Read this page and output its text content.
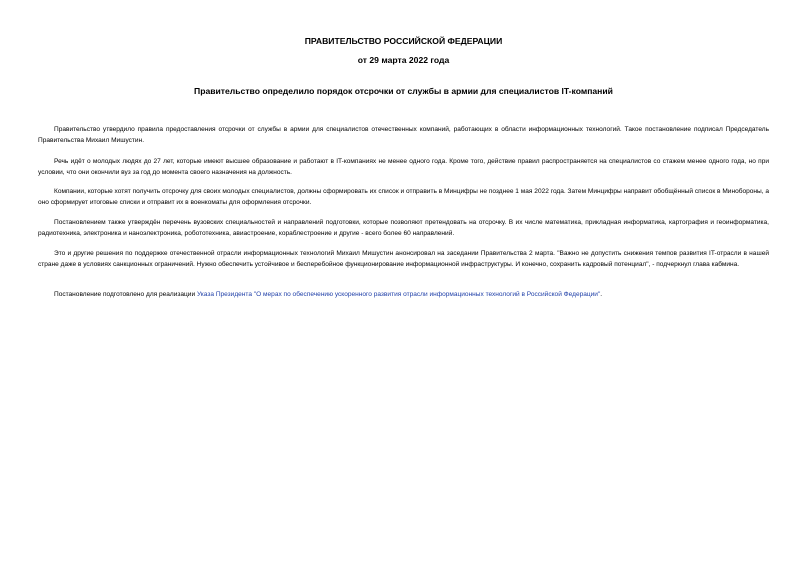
ПРАВИТЕЛЬСТВО РОССИЙСКОЙ ФЕДЕРАЦИИ
от 29 марта 2022 года
Правительство определило порядок отсрочки от службы в армии для специалистов IT-компаний

Правительство утвердило правила предоставления отсрочки от службы в армии для специалистов отечественных компаний, работающих в области информационных технологий. Такое постановление подписал Председатель Правительства Михаил Мишустин.

Речь идёт о молодых людях до 27 лет, которые имеют высшее образование и работают в IT-компаниях не менее одного года. Кроме того, действие правил распространяется на специалистов со стажем менее одного года, но при условии, что они окончили вуз за год до момента своего назначения на должность.

Компании, которые хотят получить отсрочку для своих молодых специалистов, должны сформировать их список и отправить в Минцифры не позднее 1 мая 2022 года. Затем Минцифры направит обобщённый список в Минобороны, а оно сформирует итоговые списки и отправит их в военкоматы для оформления отсрочки.

Постановлением также утверждён перечень вузовских специальностей и направлений подготовки, которые позволяют претендовать на отсрочку. В их числе математика, прикладная информатика, картография и геоинформатика, радиотехника, электроника и наноэлектроника, робототехника, авиастроение, кораблестроение и другие - всего более 60 направлений.

Это и другие решения по поддержке отечественной отрасли информационных технологий Михаил Мишустин анонсировал на заседании Правительства 2 марта. "Важно не допустить снижения темпов развития IT-отрасли в нашей стране даже в условиях санкционных ограничений. Нужно обеспечить устойчивое и бесперебойное функционирование информационной инфраструктуры. И конечно, сохранить кадровый потенциал", - подчеркнул глава кабмина.

Постановление подготовлено для реализации Указа Президента "О мерах по обеспечению ускоренного развития отрасли информационных технологий в Российской Федерации".
